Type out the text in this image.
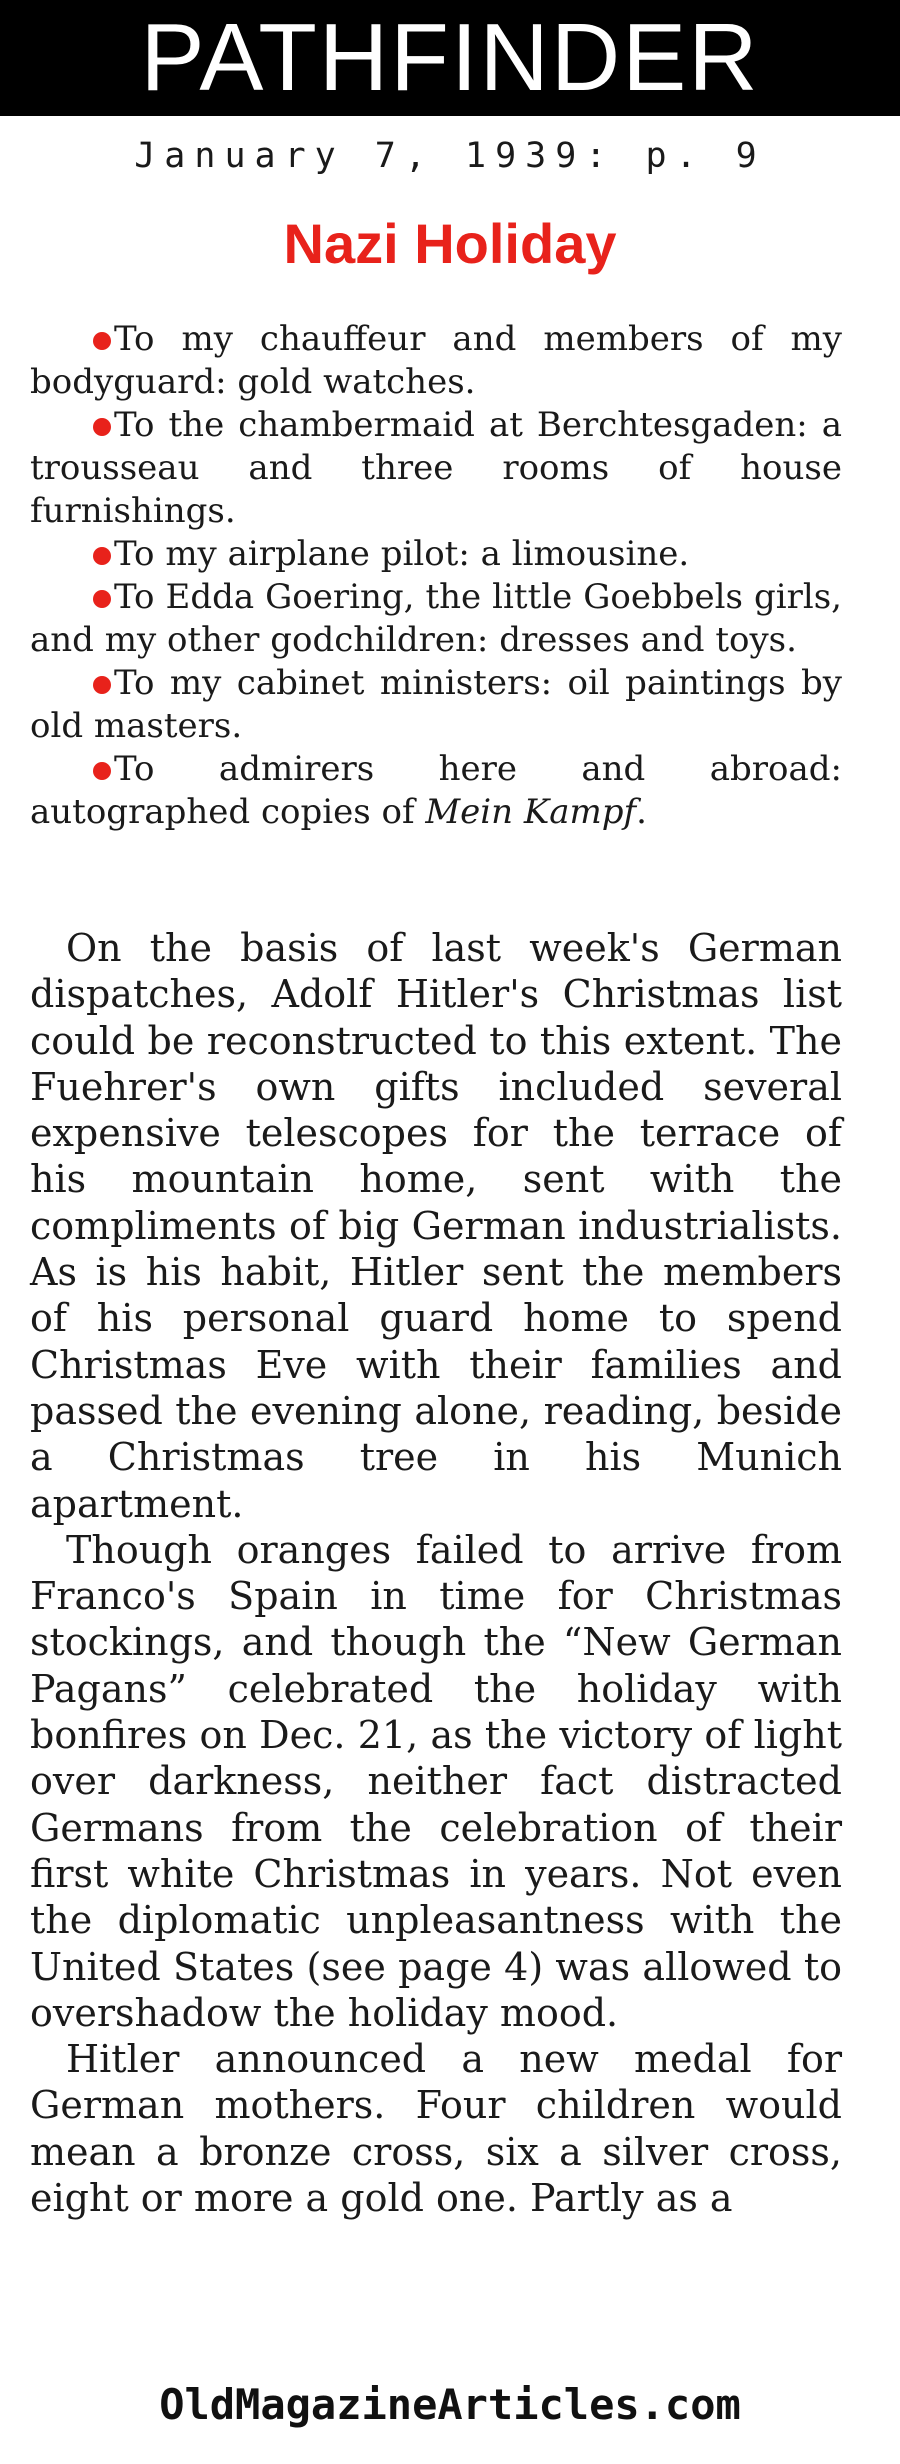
PATHFINDER
January 7, 1939: p. 9
Nazi Holiday
To my chauffeur and members of my bodyguard: gold watches.
To the chambermaid at Berchtesgaden: a trousseau and three rooms of house furnishings.
To my airplane pilot: a limousine.
To Edda Goering, the little Goebbels girls, and my other godchildren: dresses and toys.
To my cabinet ministers: oil paintings by old masters.
To admirers here and abroad: autographed copies of Mein Kampf.

On the basis of last week's German dispatches, Adolf Hitler's Christmas list could be reconstructed to this extent. The Fuehrer's own gifts included several expensive telescopes for the terrace of his mountain home, sent with the compliments of big German industrialists. As is his habit, Hitler sent the members of his personal guard home to spend Christmas Eve with their families and passed the evening alone, reading, beside a Christmas tree in his Munich apartment.

Though oranges failed to arrive from Franco's Spain in time for Christmas stockings, and though the “New German Pagans” celebrated the holiday with bonfires on Dec. 21, as the victory of light over darkness, neither fact distracted Germans from the celebration of their first white Christmas in years. Not even the diplomatic unpleasantness with the United States (see page 4) was allowed to overshadow the holiday mood.

Hitler announced a new medal for German mothers. Four children would mean a bronze cross, six a silver cross, eight or more a gold one. Partly as a

OldMagazineArticles.com
